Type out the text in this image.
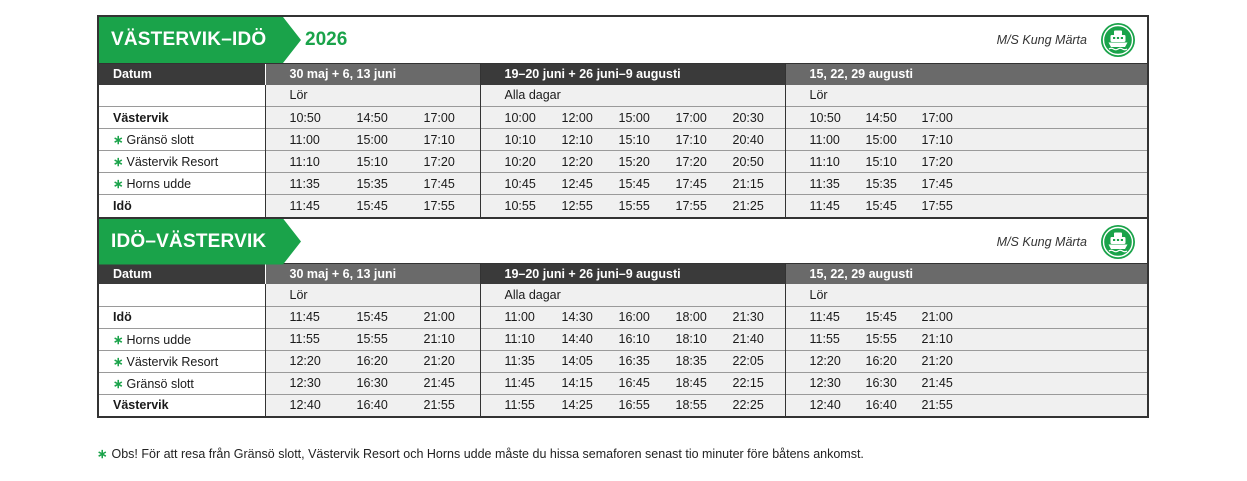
VÄSTERVIK–IDÖ 2026	M/S Kung Märta
Datum	30 maj + 6, 13 juni	19–20 juni + 26 juni–9 augusti	15, 22, 29 augusti
	Lör	Alla dagar	Lör
Västervik	10:50 14:50 17:00	10:00 12:00 15:00 17:00 20:30	10:50 14:50 17:00
∗ Gränsö slott	11:00 15:00 17:10	10:10 12:10 15:10 17:10 20:40	11:00 15:00 17:10
∗ Västervik Resort	11:10 15:10 17:20	10:20 12:20 15:20 17:20 20:50	11:10 15:10 17:20
∗ Horns udde	11:35 15:35 17:45	10:45 12:45 15:45 17:45 21:15	11:35 15:35 17:45
Idö	11:45 15:45 17:55	10:55 12:55 15:55 17:55 21:25	11:45 15:45 17:55
IDÖ–VÄSTERVIK	M/S Kung Märta
Datum	30 maj + 6, 13 juni	19–20 juni + 26 juni–9 augusti	15, 22, 29 augusti
	Lör	Alla dagar	Lör
Idö	11:45 15:45 21:00	11:00 14:30 16:00 18:00 21:30	11:45 15:45 21:00
∗ Horns udde	11:55 15:55 21:10	11:10 14:40 16:10 18:10 21:40	11:55 15:55 21:10
∗ Västervik Resort	12:20 16:20 21:20	11:35 14:05 16:35 18:35 22:05	12:20 16:20 21:20
∗ Gränsö slott	12:30 16:30 21:45	11:45 14:15 16:45 18:45 22:15	12:30 16:30 21:45
Västervik	12:40 16:40 21:55	11:55 14:25 16:55 18:55 22:25	12:40 16:40 21:55
∗ Obs! För att resa från Gränsö slott, Västervik Resort och Horns udde måste du hissa semaforen senast tio minuter före båtens ankomst.
